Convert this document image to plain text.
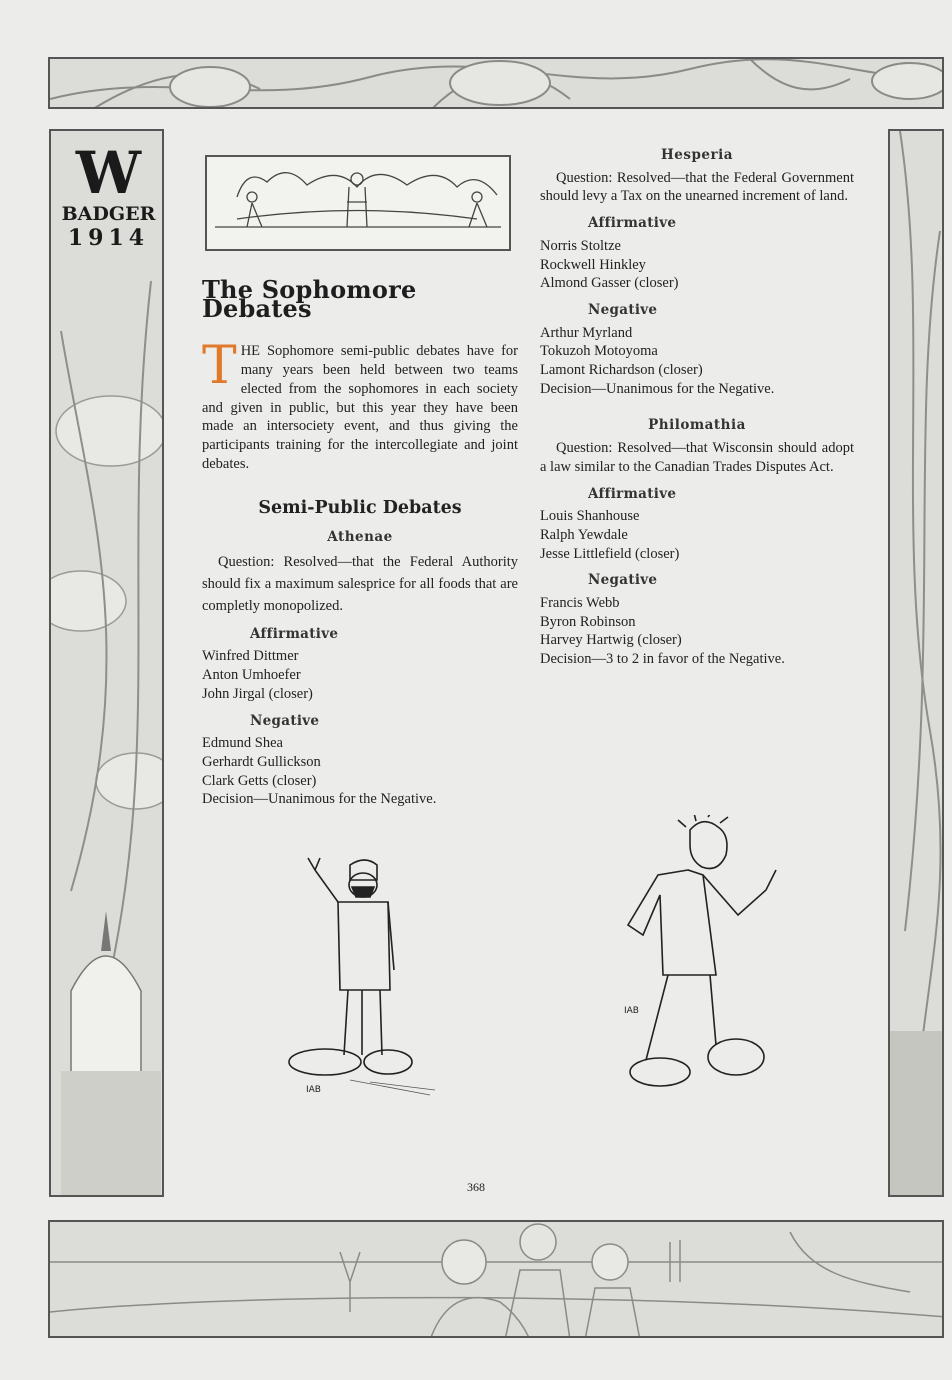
W
BADGER
1914
The Sophomore Debates

THE Sophomore semi-public debates have for many years been held between two teams elected from the sophomores in each society and given in public, but this year they have been made an intersociety event, and thus giving the participants training for the intercollegiate and joint debates.

Semi-Public Debates
Athenae

Question: Resolved—that the Federal Authority should fix a maximum salesprice for all foods that are completly monopolized.

Affirmative

Winfred Dittmer

Anton Umhoefer

John Jirgal (closer)

Negative

Edmund Shea

Gerhardt Gullickson

Clark Getts (closer)

Decision—Unanimous for the Negative.

Hesperia

Question: Resolved—that the Federal Government should levy a Tax on the unearned increment of land.

Affirmative

Norris Stoltze

Rockwell Hinkley

Almond Gasser (closer)

Negative

Arthur Myrland

Tokuzoh Motoyoma

Lamont Richardson (closer)

Decision—Unanimous for the Negative.

Philomathia

Question: Resolved—that Wisconsin should adopt a law similar to the Canadian Trades Disputes Act.

Affirmative

Louis Shanhouse

Ralph Yewdale

Jesse Littlefield (closer)

Negative

Francis Webb

Byron Robinson

Harvey Hartwig (closer)

Decision—3 to 2 in favor of the Negative.

IAB
IAB
368
